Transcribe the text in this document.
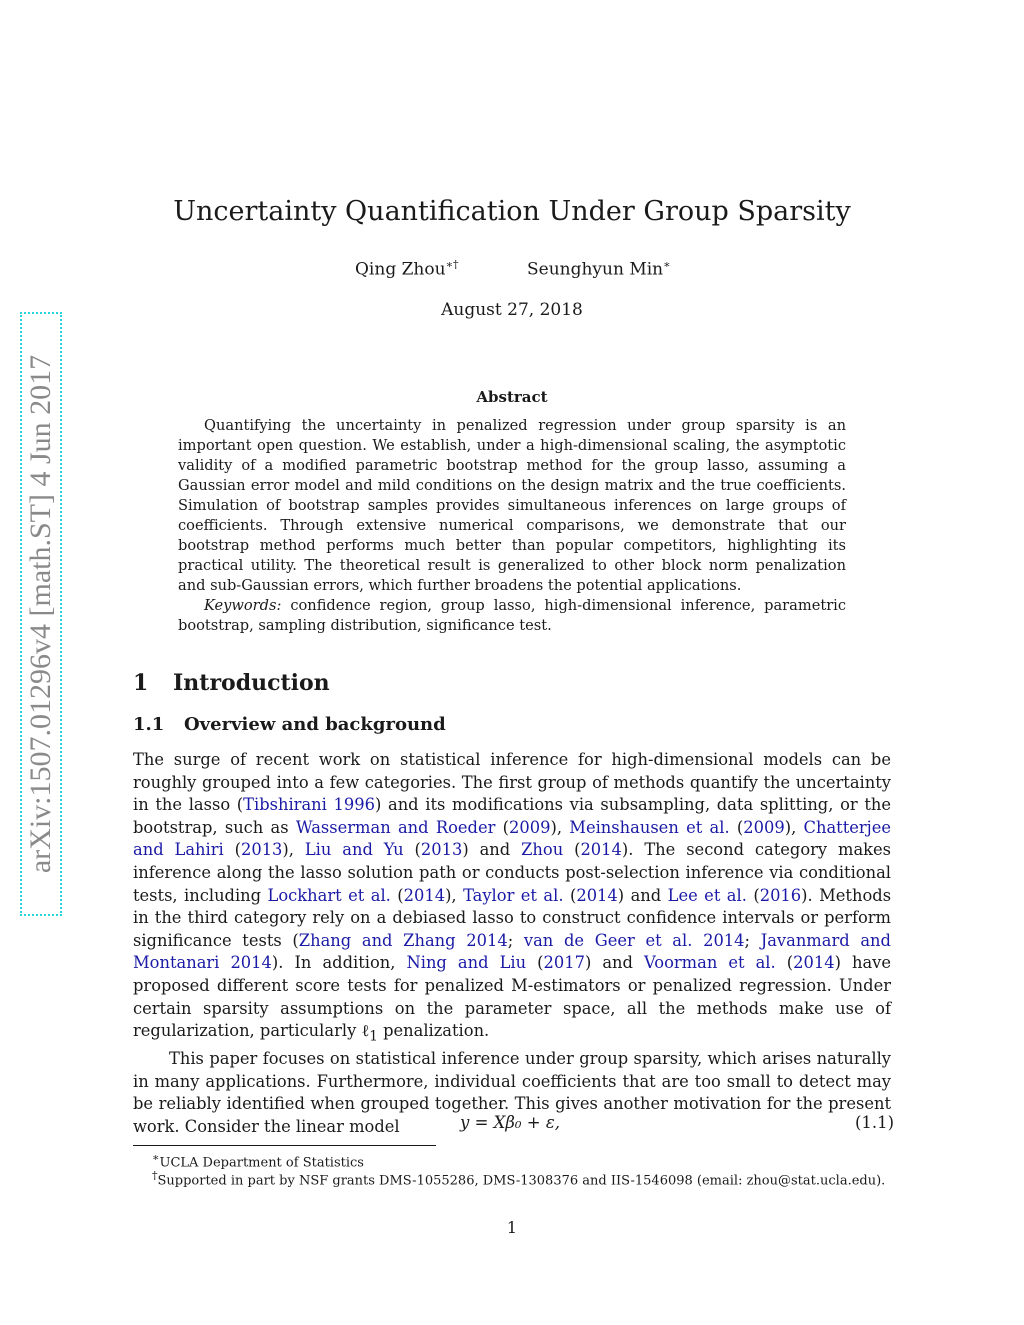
arXiv:1507.01296v4 [math.ST] 4 Jun 2017
Uncertainty Quantification Under Group Sparsity
Qing Zhou∗†	Seunghyun Min∗
August 27, 2018
Abstract

Quantifying the uncertainty in penalized regression under group sparsity is an important open question. We establish, under a high-dimensional scaling, the asymptotic validity of a modified parametric bootstrap method for the group lasso, assuming a Gaussian error model and mild conditions on the design matrix and the true coefficients. Simulation of bootstrap samples provides simultaneous inferences on large groups of coefficients. Through extensive numerical comparisons, we demonstrate that our bootstrap method performs much better than popular competitors, highlighting its practical utility. The theoretical result is generalized to other block norm penalization and sub-Gaussian errors, which further broadens the potential applications.

Keywords: confidence region, group lasso, high-dimensional inference, parametric bootstrap, sampling distribution, significance test.

1 Introduction
1.1 Overview and background

The surge of recent work on statistical inference for high-dimensional models can be roughly grouped into a few categories. The first group of methods quantify the uncertainty in the lasso (Tibshirani 1996) and its modifications via subsampling, data splitting, or the bootstrap, such as Wasserman and Roeder (2009), Meinshausen et al. (2009), Chatterjee and Lahiri (2013), Liu and Yu (2013) and Zhou (2014). The second category makes inference along the lasso solution path or conducts post-selection inference via conditional tests, including Lockhart et al. (2014), Taylor et al. (2014) and Lee et al. (2016). Methods in the third category rely on a debiased lasso to construct confidence intervals or perform significance tests (Zhang and Zhang 2014; van de Geer et al. 2014; Javanmard and Montanari 2014). In addition, Ning and Liu (2017) and Voorman et al. (2014) have proposed different score tests for penalized M-estimators or penalized regression. Under certain sparsity assumptions on the parameter space, all the methods make use of regularization, particularly ℓ$_1$ penalization.

This paper focuses on statistical inference under group sparsity, which arises naturally in many applications. Furthermore, individual coefficients that are too small to detect may be reliably identified when grouped together. This gives another motivation for the present work. Consider the linear model	y = Xβ₀ + ε,	(1.1)
∗UCLA Department of Statistics
†Supported in part by NSF grants DMS-1055286, DMS-1308376 and IIS-1546098 (email: zhou@stat.ucla.edu).
1
